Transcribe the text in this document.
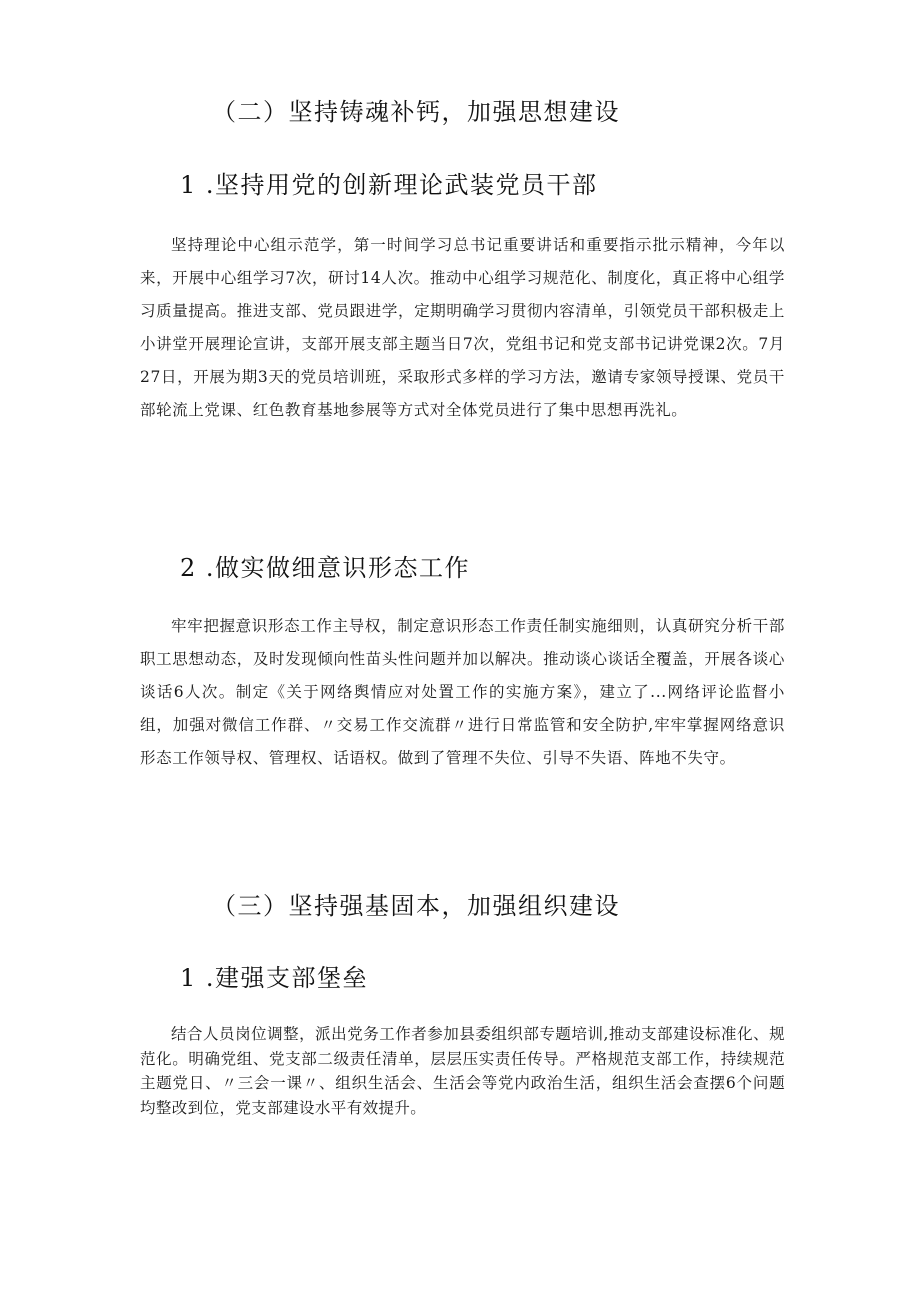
（二）坚持铸魂补钙，加强思想建设
1 .坚持用党的创新理论武装党员干部

坚持理论中心组示范学，第一时间学习总书记重要讲话和重要指示批示精神，今年以来，开展中心组学习7次，研讨14人次。推动中心组学习规范化、制度化，真正将中心组学习质量提高。推进支部、党员跟进学，定期明确学习贯彻内容清单，引领党员干部积极走上小讲堂开展理论宣讲，支部开展支部主题当日7次，党组书记和党支部书记讲党课2次。7月27日，开展为期3天的党员培训班，采取形式多样的学习方法，邀请专家领导授课、党员干部轮流上党课、红色教育基地参展等方式对全体党员进行了集中思想再洗礼。

2 .做实做细意识形态工作

牢牢把握意识形态工作主导权，制定意识形态工作责任制实施细则，认真研究分析干部职工思想动态，及时发现倾向性苗头性问题并加以解决。推动谈心谈话全覆盖，开展各谈心谈话6人次。制定《关于网络舆情应对处置工作的实施方案》，建立了...网络评论监督小组，加强对微信工作群、〃交易工作交流群〃进行日常监管和安全防护,牢牢掌握网络意识形态工作领导权、管理权、话语权。做到了管理不失位、引导不失语、阵地不失守。

（三）坚持强基固本，加强组织建设
1 .建强支部堡垒

结合人员岗位调整，派出党务工作者参加县委组织部专题培训,推动支部建设标准化、规范化。明确党组、党支部二级责任清单，层层压实责任传导。严格规范支部工作，持续规范主题党日、〃三会一课〃、组织生活会、生活会等党内政治生活，组织生活会查摆6个问题均整改到位，党支部建设水平有效提升。
